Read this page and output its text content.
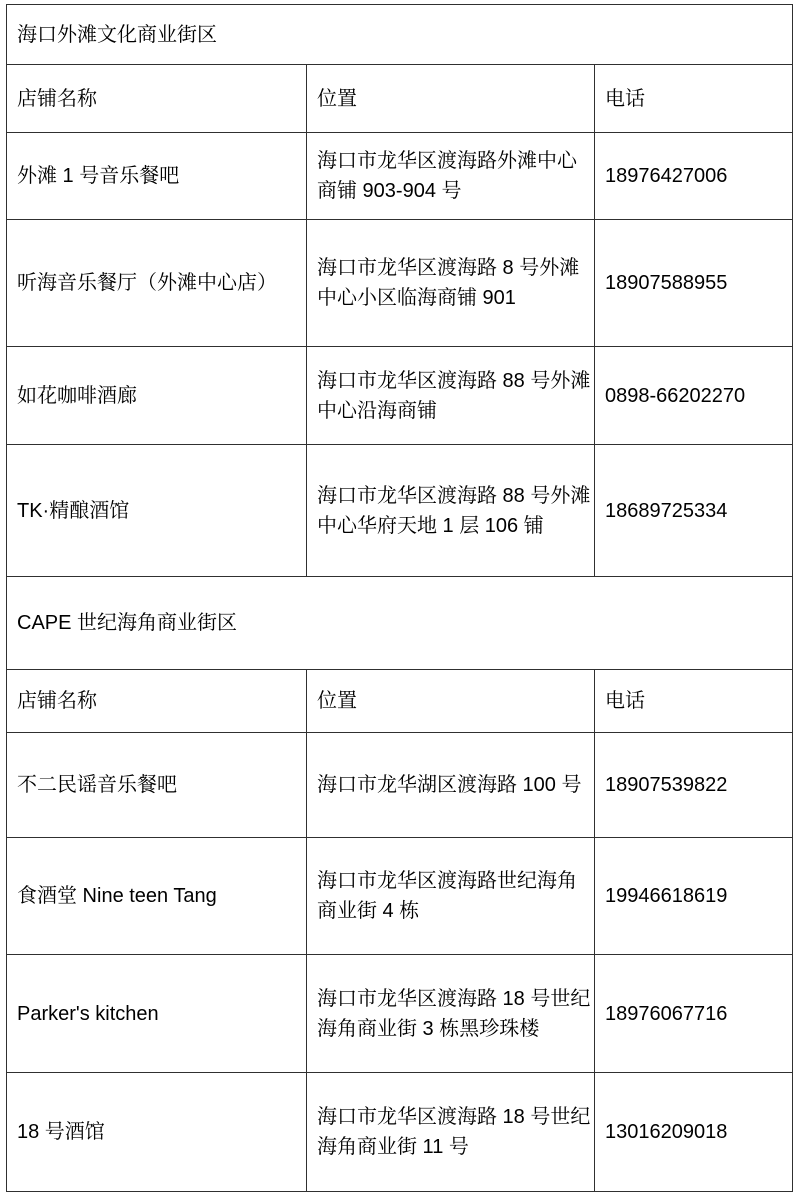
海口外滩文化商业街区		
店铺名称	位置	电话
外滩 1 号音乐餐吧	海口市龙华区渡海路外滩中心商铺 903-904 号	18976427006
听海音乐餐厅（外滩中心店）	海口市龙华区渡海路 8 号外滩中心小区临海商铺 901	18907588955
如花咖啡酒廊	海口市龙华区渡海路 88 号外滩中心沿海商铺	0898-66202270
TK·精酿酒馆	海口市龙华区渡海路 88 号外滩中心华府天地 1 层 106 铺	18689725334
CAPE 世纪海角商业街区		
店铺名称	位置	电话
不二民谣音乐餐吧	海口市龙华湖区渡海路 100 号	18907539822
食酒堂 Nine teen Tang	海口市龙华区渡海路世纪海角商业街 4 栋	19946618619
Parker's kitchen	海口市龙华区渡海路 18 号世纪海角商业街 3 栋黑珍珠楼	18976067716
18 号酒馆	海口市龙华区渡海路 18 号世纪海角商业街 11 号	13016209018
